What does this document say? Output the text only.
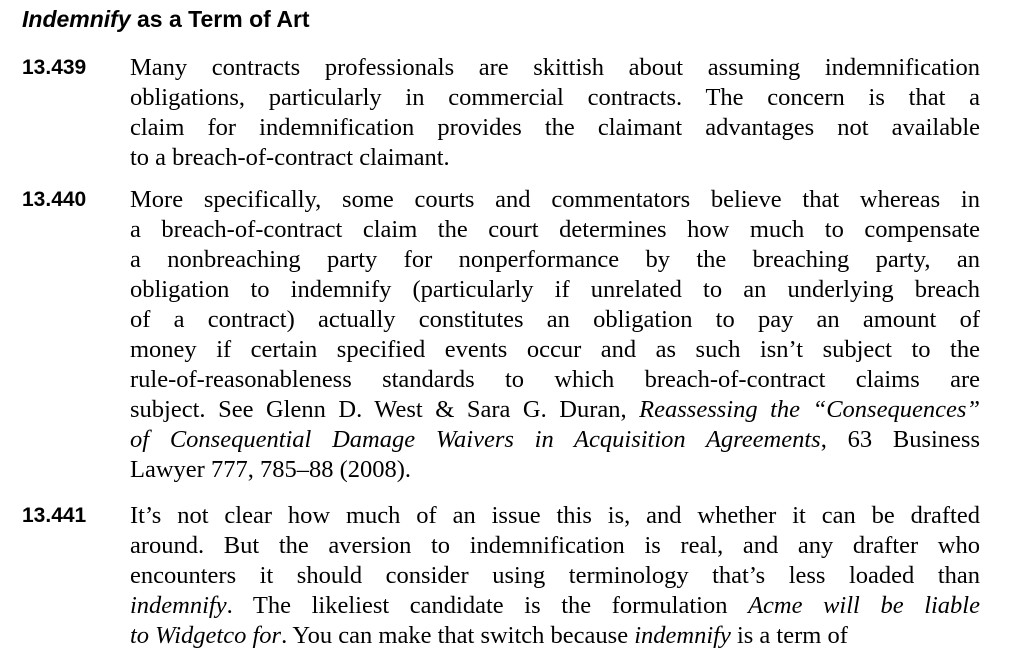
Indemnify as a Term of Art
13.439 Many contracts professionals are skittish about assuming indemnification
obligations, particularly in commercial contracts. The concern is that a
claim for indemnification provides the claimant advantages not available
to a breach-of-contract claimant.
13.440 More specifically, some courts and commentators believe that whereas in
a breach-of-contract claim the court determines how much to compensate
a nonbreaching party for nonperformance by the breaching party, an
obligation to indemnify (particularly if unrelated to an underlying breach
of a contract) actually constitutes an obligation to pay an amount of
money if certain specified events occur and as such isn’t subject to the
rule-of-reasonableness standards to which breach-of-contract claims are
subject. See Glenn D. West & Sara G. Duran, Reassessing the “Consequences”
of Consequential Damage Waivers in Acquisition Agreements, 63 Business
Lawyer 777, 785–88 (2008).
13.441 It’s not clear how much of an issue this is, and whether it can be drafted
around. But the aversion to indemnification is real, and any drafter who
encounters it should consider using terminology that’s less loaded than
indemnify. The likeliest candidate is the formulation Acme will be liable
to Widgetco for. You can make that switch because indemnify is a term of
